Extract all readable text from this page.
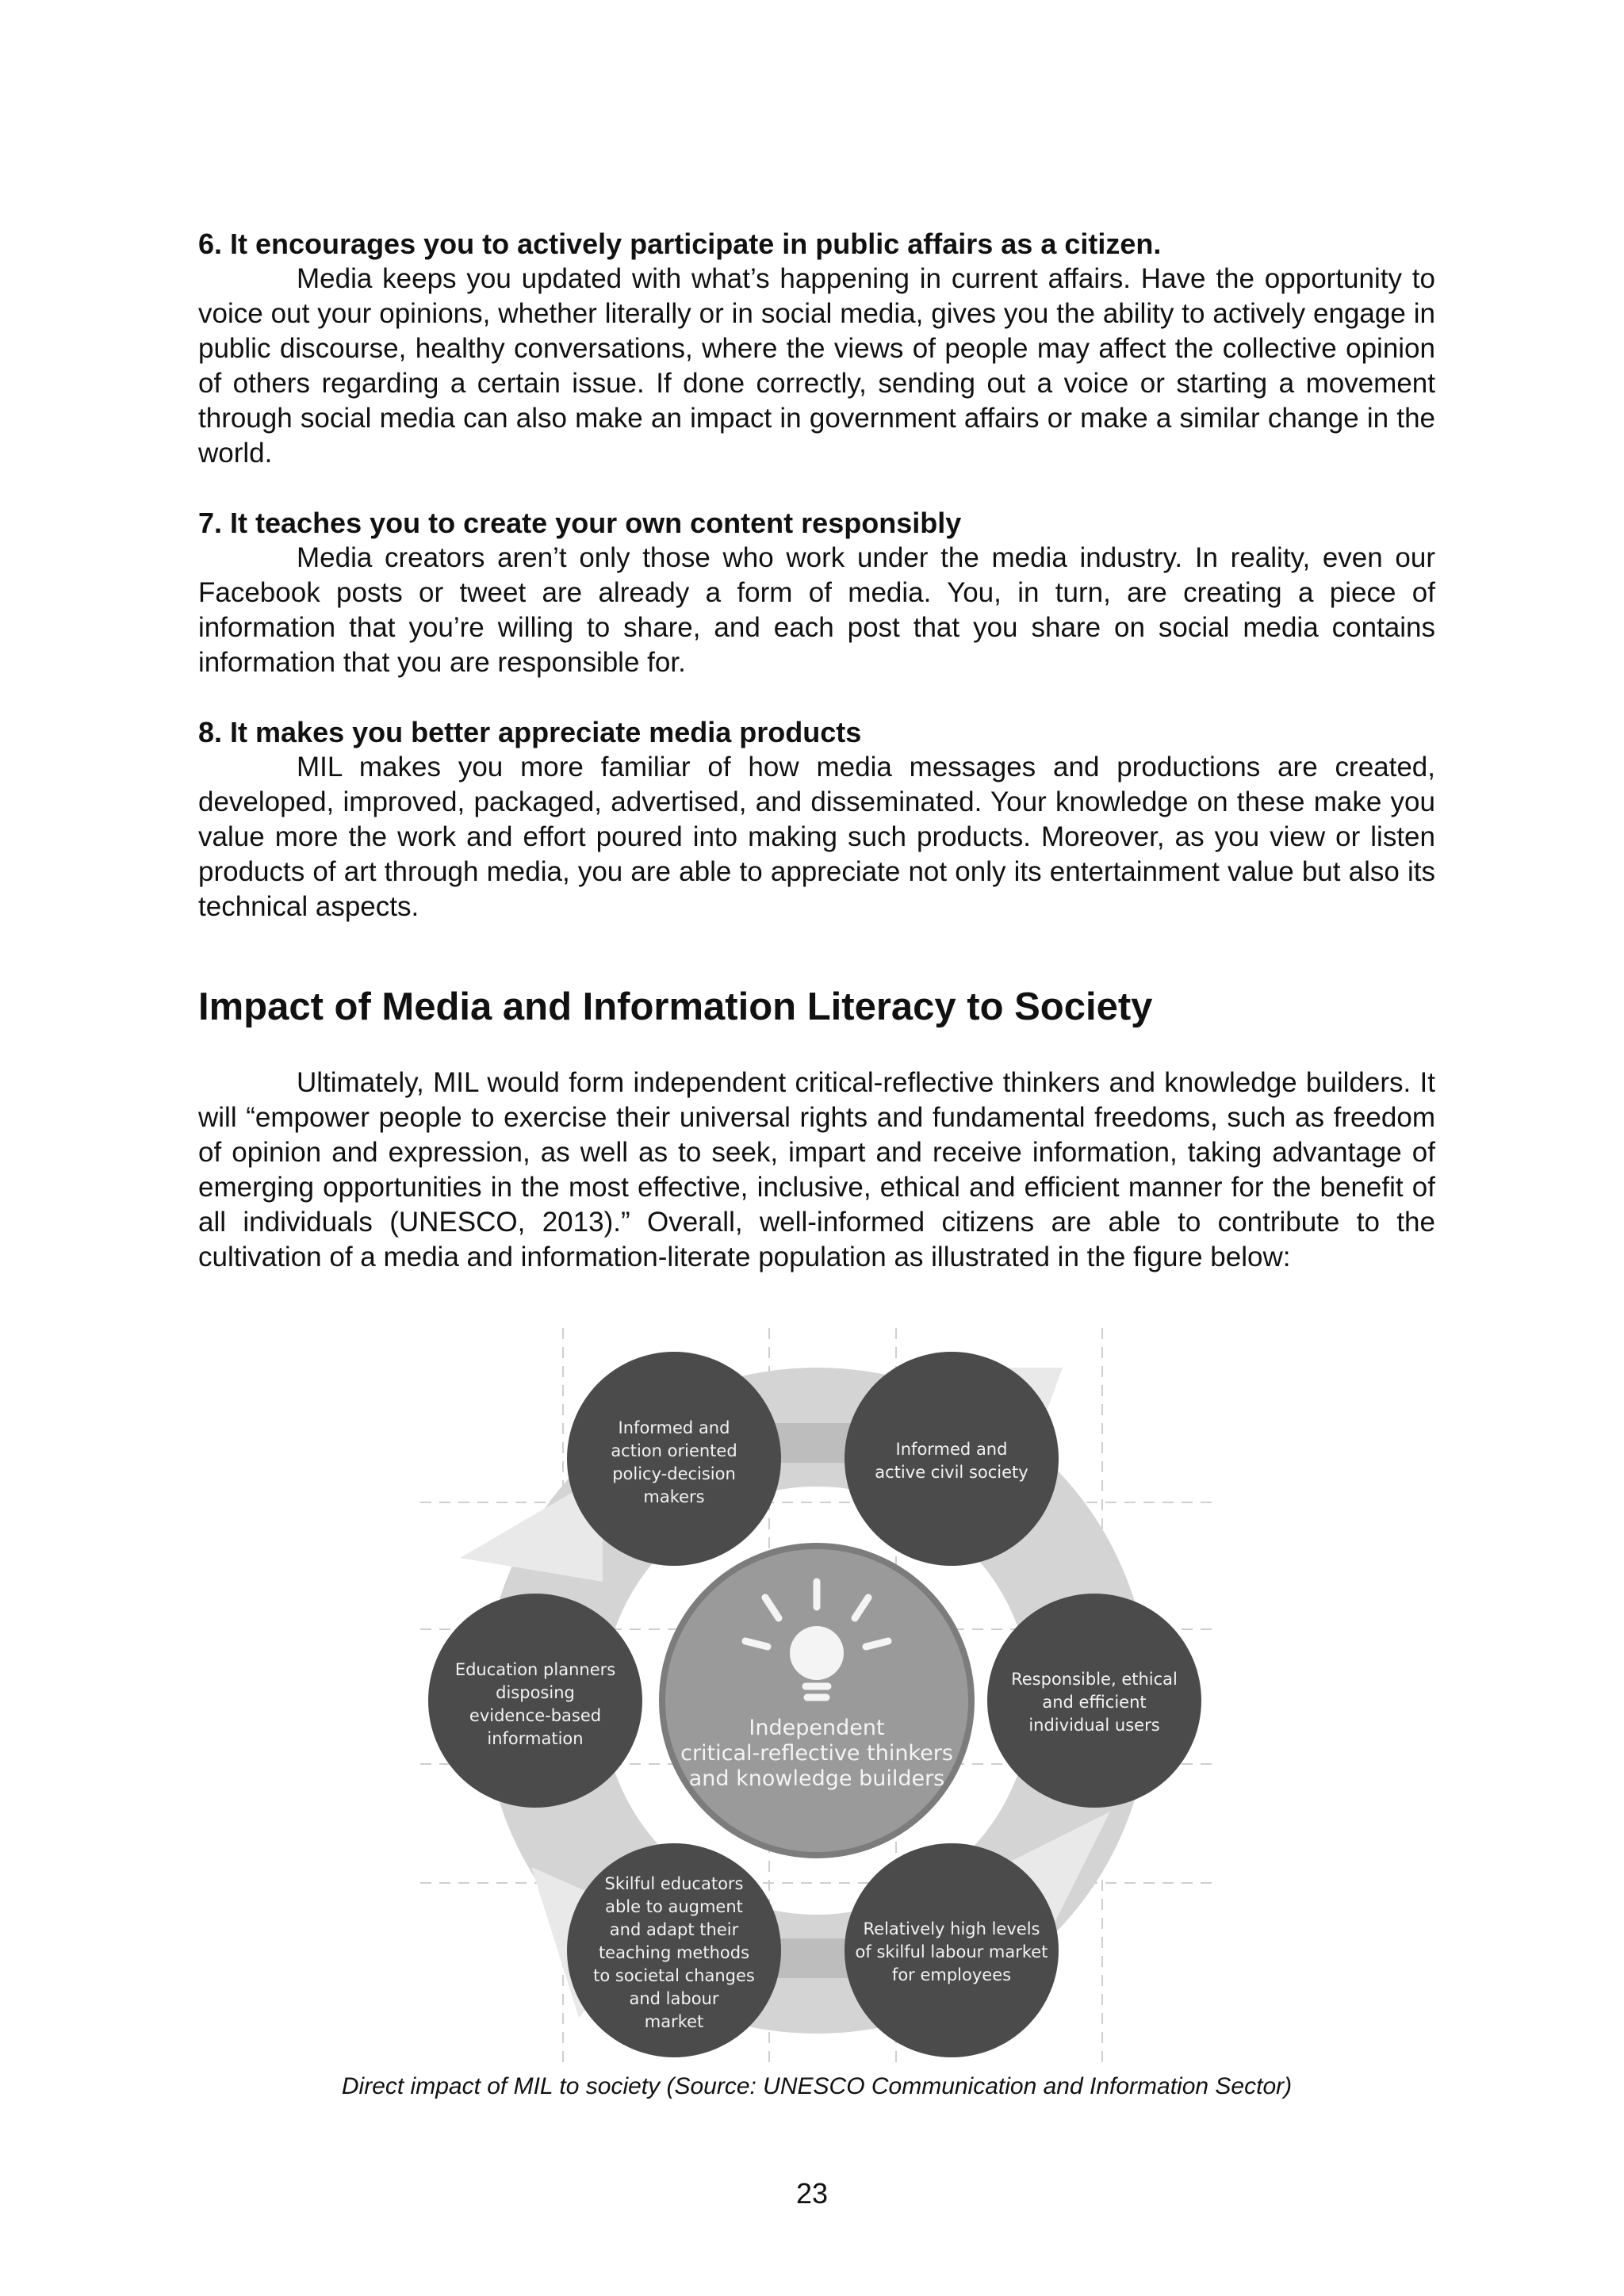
6. It encourages you to actively participate in public affairs as a citizen.

Media keeps you updated with what’s happening in current affairs. Have the opportunity to voice out your opinions, whether literally or in social media, gives you the ability to actively engage in public discourse, healthy conversations, where the views of people may affect the collective opinion of others regarding a certain issue. If done correctly, sending out a voice or starting a movement through social media can also make an impact in government affairs or make a similar change in the world.

7. It teaches you to create your own content responsibly

Media creators aren’t only those who work under the media industry. In reality, even our Facebook posts or tweet are already a form of media. You, in turn, are creating a piece of information that you’re willing to share, and each post that you share on social media contains information that you are responsible for.

8. It makes you better appreciate media products

MIL makes you more familiar of how media messages and productions are created, developed, improved, packaged, advertised, and disseminated. Your knowledge on these make you value more the work and effort poured into making such products. Moreover, as you view or listen products of art through media, you are able to appreciate not only its entertainment value but also its technical aspects.

Impact of Media and Information Literacy to Society

Ultimately, MIL would form independent critical-reflective thinkers and knowledge builders. It will “empower people to exercise their universal rights and fundamental freedoms, such as freedom of opinion and expression, as well as to seek, impart and receive information, taking advantage of emerging opportunities in the most effective, inclusive, ethical and efficient manner for the benefit of all individuals (UNESCO, 2013).” Overall, well-informed citizens are able to contribute to the cultivation of a media and information-literate population as illustrated in the figure below:

Independent
critical-reflective thinkers
and knowledge builders
Informed and
action oriented
policy-decision
makers
Informed and
active civil society
Responsible, ethical
and efficient
individual users
Relatively high levels
of skilful labour market
for employees
Skilful educators
able to augment
and adapt their
teaching methods
to societal changes
and labour
market
Education planners
disposing
evidence-based
information
Direct impact of MIL to society (Source: UNESCO Communication and Information Sector)
23
